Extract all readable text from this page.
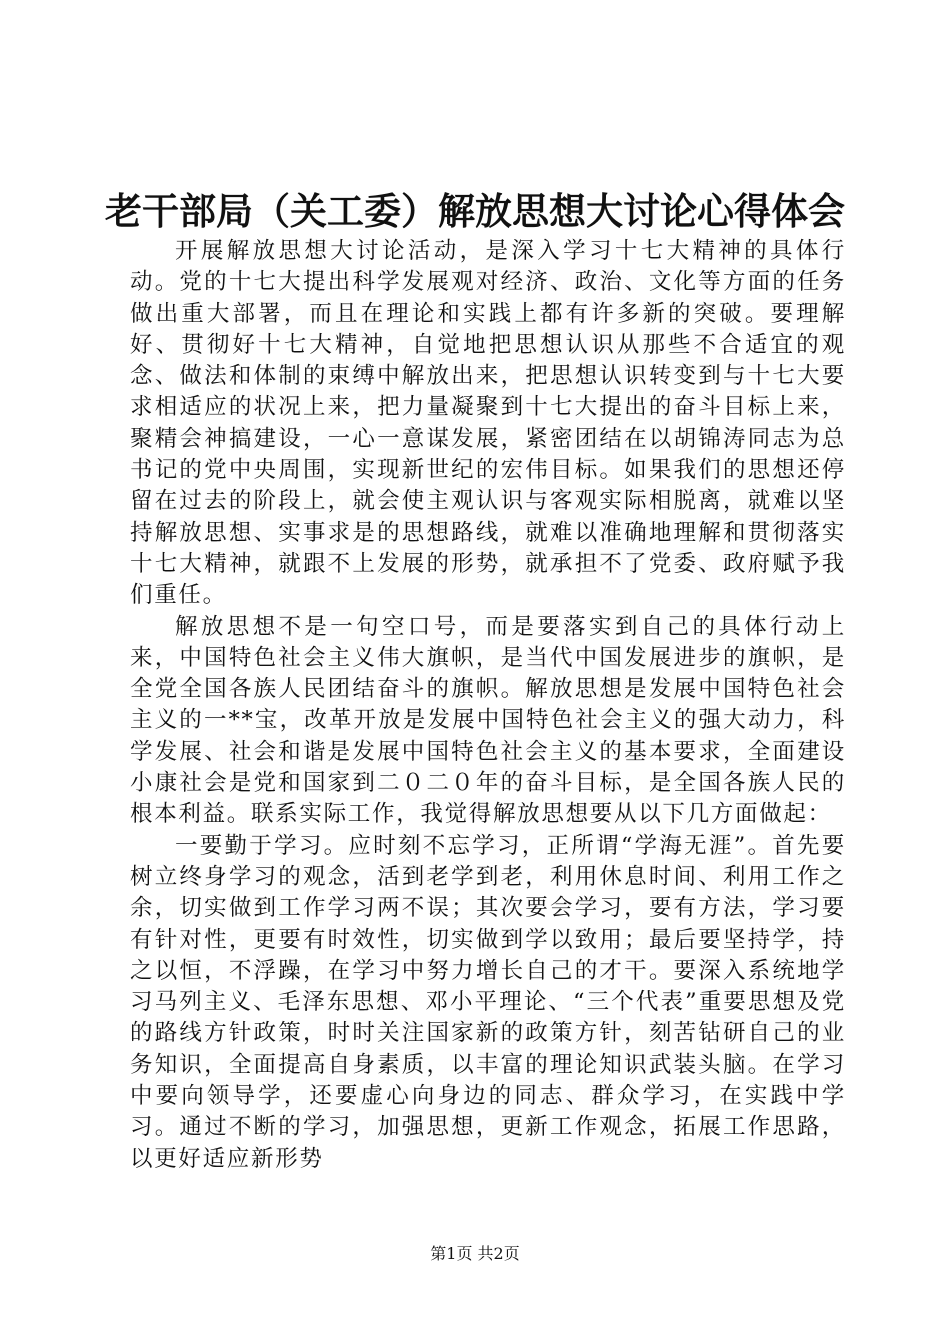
老干部局（关工委）解放思想大讨论心得体会

开展解放思想大讨论活动，是深入学习十七大精神的具体行动。党的十七大提出科学发展观对经济、政治、文化等方面的任务做出重大部署，而且在理论和实践上都有许多新的突破。要理解好、贯彻好十七大精神，自觉地把思想认识从那些不合适宜的观念、做法和体制的束缚中解放出来，把思想认识转变到与十七大要求相适应的状况上来，把力量凝聚到十七大提出的奋斗目标上来，聚精会神搞建设，一心一意谋发展，紧密团结在以胡锦涛同志为总书记的党中央周围，实现新世纪的宏伟目标。如果我们的思想还停留在过去的阶段上，就会使主观认识与客观实际相脱离，就难以坚持解放思想、实事求是的思想路线，就难以准确地理解和贯彻落实十七大精神，就跟不上发展的形势，就承担不了党委、政府赋予我们重任。

解放思想不是一句空口号，而是要落实到自己的具体行动上来，中国特色社会主义伟大旗帜，是当代中国发展进步的旗帜，是全党全国各族人民团结奋斗的旗帜。解放思想是发展中国特色社会主义的一**宝，改革开放是发展中国特色社会主义的强大动力，科学发展、社会和谐是发展中国特色社会主义的基本要求，全面建设小康社会是党和国家到二０二０年的奋斗目标，是全国各族人民的根本利益。联系实际工作，我觉得解放思想要从以下几方面做起：

一要勤于学习。应时刻不忘学习，正所谓“学海无涯”。首先要树立终身学习的观念，活到老学到老，利用休息时间、利用工作之余，切实做到工作学习两不误；其次要会学习，要有方法，学习要有针对性，更要有时效性，切实做到学以致用；最后要坚持学，持之以恒，不浮躁，在学习中努力增长自己的才干。要深入系统地学习马列主义、毛泽东思想、邓小平理论、“三个代表”重要思想及党的路线方针政策，时时关注国家新的政策方针，刻苦钻研自己的业务知识，全面提高自身素质，以丰富的理论知识武装头脑。在学习中要向领导学，还要虚心向身边的同志、群众学习，在实践中学习。通过不断的学习，加强思想，更新工作观念，拓展工作思路，以更好适应新形势

第1页 共2页
